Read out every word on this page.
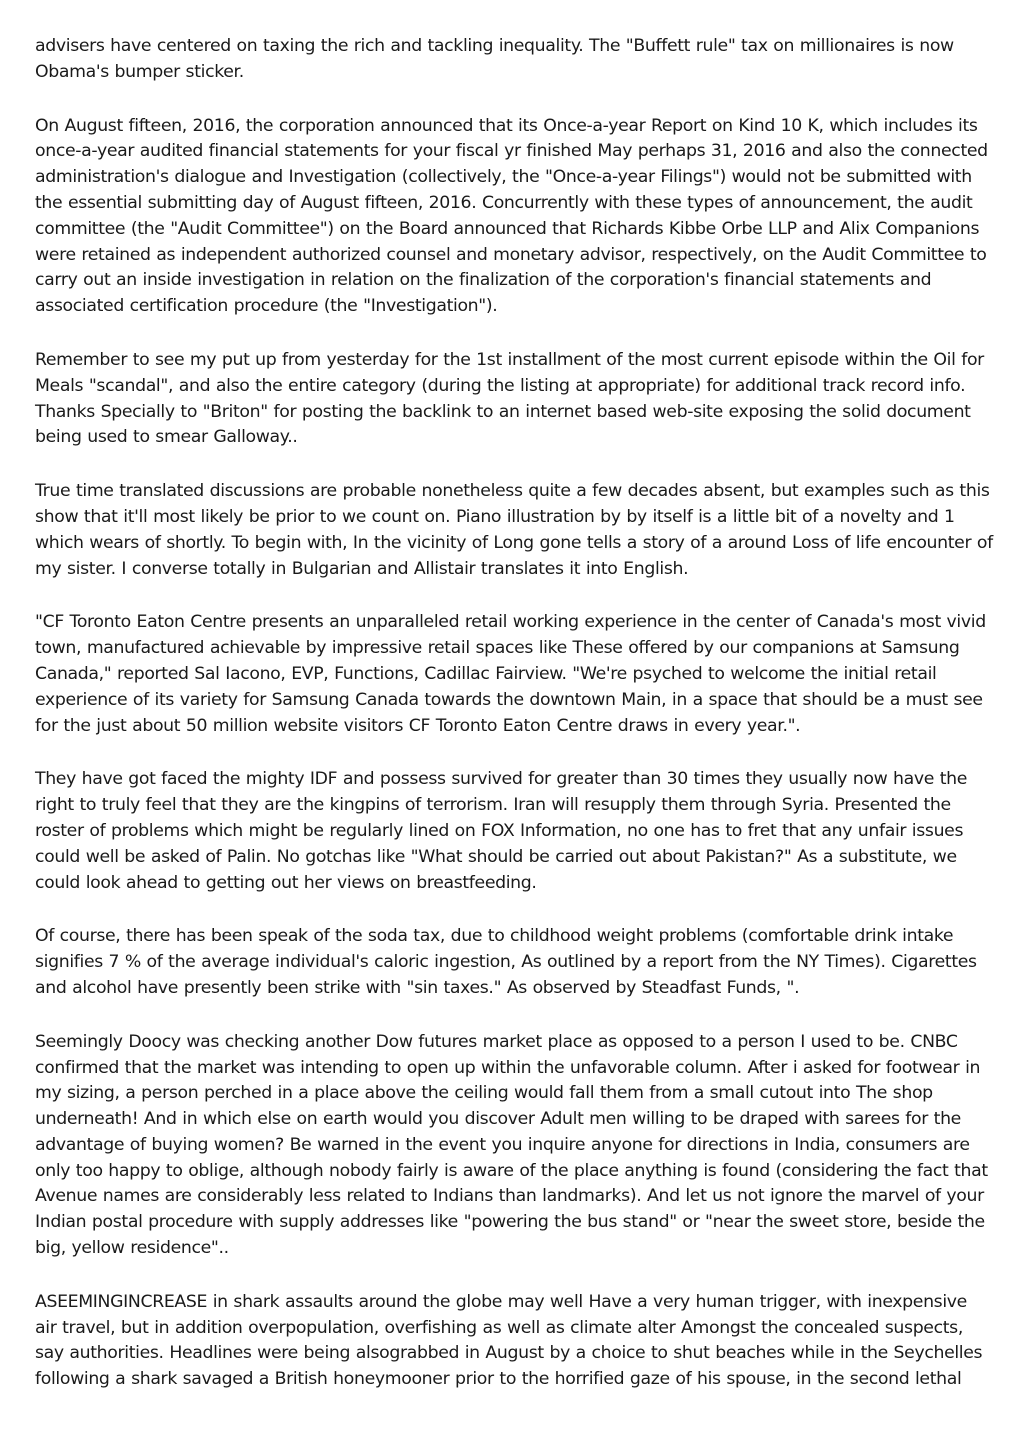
advisers have centered on taxing the rich and tackling inequality. The "Buffett rule" tax on millionaires is now Obama's bumper sticker.

On August fifteen, 2016, the corporation announced that its Once-a-year Report on Kind 10 K, which includes its once-a-year audited financial statements for your fiscal yr finished May perhaps 31, 2016 and also the connected administration's dialogue and Investigation (collectively, the "Once-a-year Filings") would not be submitted with the essential submitting day of August fifteen, 2016. Concurrently with these types of announcement, the audit committee (the "Audit Committee") on the Board announced that Richards Kibbe Orbe LLP and Alix Companions were retained as independent authorized counsel and monetary advisor, respectively, on the Audit Committee to carry out an inside investigation in relation on the finalization of the corporation's financial statements and associated certification procedure (the "Investigation").

Remember to see my put up from yesterday for the 1st installment of the most current episode within the Oil for Meals "scandal", and also the entire category (during the listing at appropriate) for additional track record info. Thanks Specially to "Briton" for posting the backlink to an internet based web-site exposing the solid document being used to smear Galloway..

True time translated discussions are probable nonetheless quite a few decades absent, but examples such as this show that it'll most likely be prior to we count on. Piano illustration by by itself is a little bit of a novelty and 1 which wears of shortly. To begin with, In the vicinity of Long gone tells a story of a around Loss of life encounter of my sister. I converse totally in Bulgarian and Allistair translates it into English.

"CF Toronto Eaton Centre presents an unparalleled retail working experience in the center of Canada's most vivid town, manufactured achievable by impressive retail spaces like These offered by our companions at Samsung Canada," reported Sal Iacono, EVP, Functions, Cadillac Fairview. "We're psyched to welcome the initial retail experience of its variety for Samsung Canada towards the downtown Main, in a space that should be a must see for the just about 50 million website visitors CF Toronto Eaton Centre draws in every year.".

They have got faced the mighty IDF and possess survived for greater than 30 times they usually now have the right to truly feel that they are the kingpins of terrorism. Iran will resupply them through Syria. Presented the roster of problems which might be regularly lined on FOX Information, no one has to fret that any unfair issues could well be asked of Palin. No gotchas like "What should be carried out about Pakistan?" As a substitute, we could look ahead to getting out her views on breastfeeding.

Of course, there has been speak of the soda tax, due to childhood weight problems (comfortable drink intake signifies 7 % of the average individual's caloric ingestion, As outlined by a report from the NY Times). Cigarettes and alcohol have presently been strike with "sin taxes." As observed by Steadfast Funds, ".

Seemingly Doocy was checking another Dow futures market place as opposed to a person I used to be. CNBC confirmed that the market was intending to open up within the unfavorable column. After i asked for footwear in my sizing, a person perched in a place above the ceiling would fall them from a small cutout into The shop underneath! And in which else on earth would you discover Adult men willing to be draped with sarees for the advantage of buying women? Be warned in the event you inquire anyone for directions in India, consumers are only too happy to oblige, although nobody fairly is aware of the place anything is found (considering the fact that Avenue names are considerably less related to Indians than landmarks). And let us not ignore the marvel of your Indian postal procedure with supply addresses like "powering the bus stand" or "near the sweet store, beside the big, yellow residence"..

ASEEMINGINCREASE in shark assaults around the globe may well Have a very human trigger, with inexpensive air travel, but in addition overpopulation, overfishing as well as climate alter Amongst the concealed suspects, say authorities. Headlines were being alsograbbed in August by a choice to shut beaches while in the Seychelles following a shark savaged a British honeymooner prior to the horrified gaze of his spouse, in the second lethal
